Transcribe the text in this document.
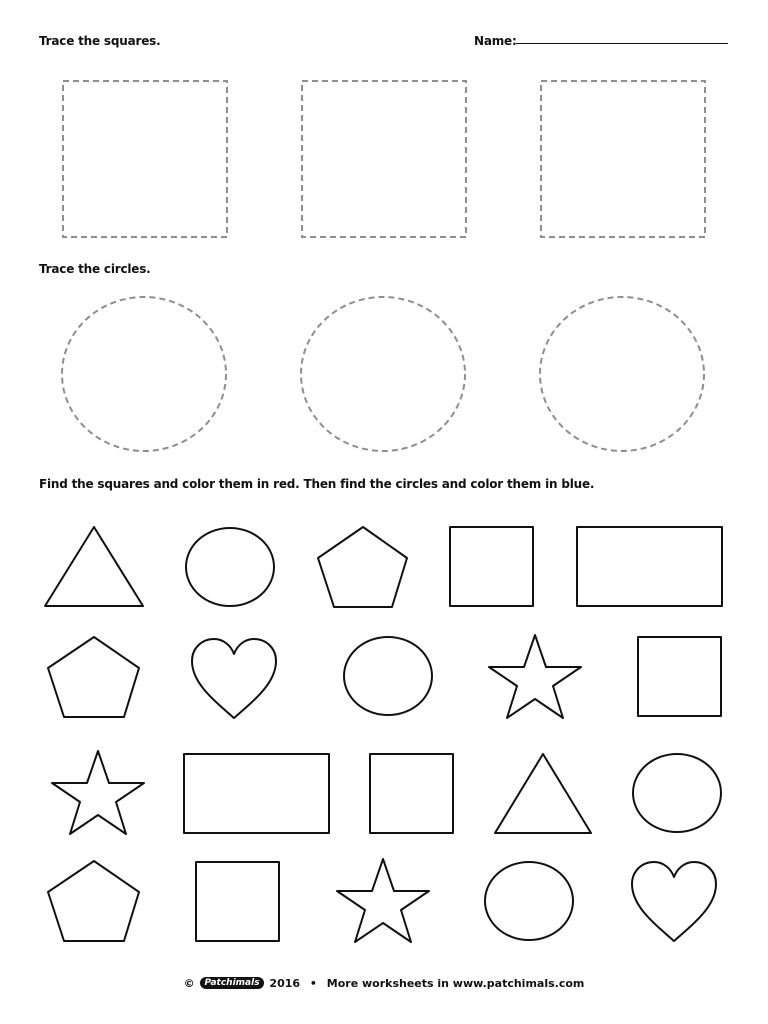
Trace the squares.	Name:
Trace the circles.
Find the squares and color them in red. Then find the circles and color them in blue.
© Patchimals 2016 • More worksheets in www.patchimals.com
